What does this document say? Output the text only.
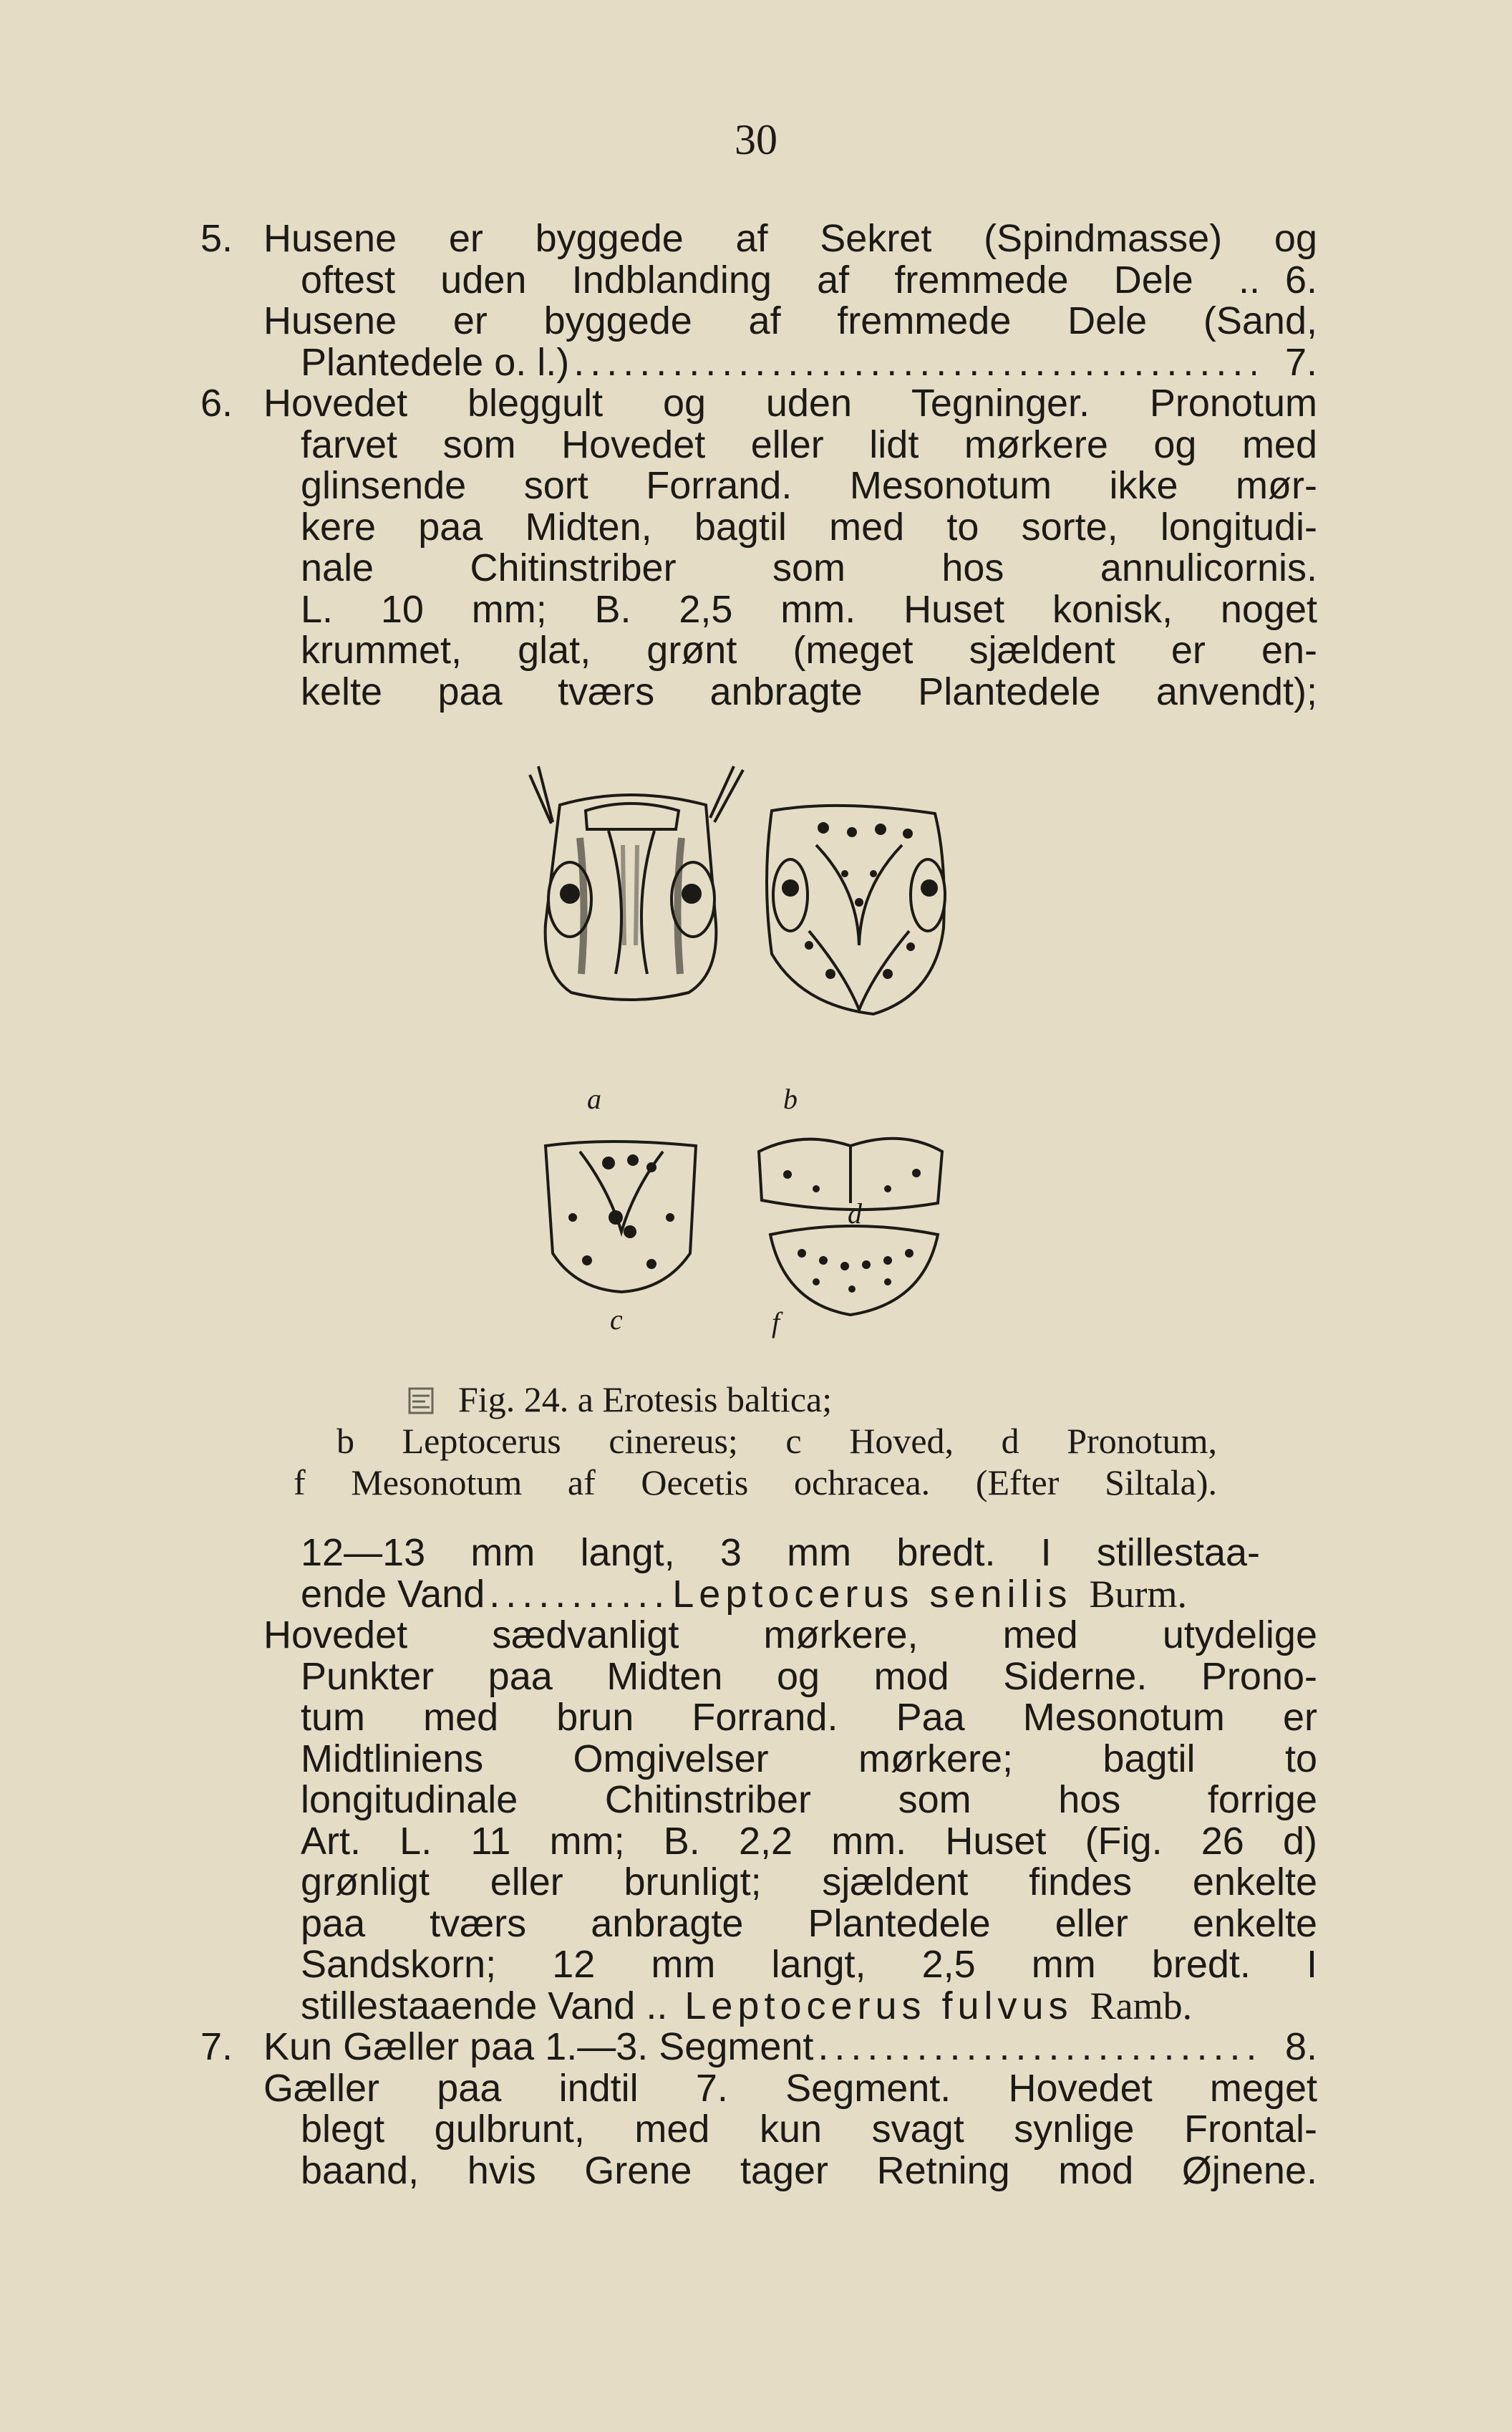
30
5. Husene er byggede af Sekret (Spindmasse) og
oftest uden Indblanding af fremmede Dele .. 6.
Husene er byggede af fremmede Dele (Sand,
Plantedele o. l.) .....	7.
6. Hovedet bleggult og uden Tegninger. Pronotum
farvet som Hovedet eller lidt mørkere og med
glinsende sort Forrand. Mesonotum ikke mør-
kere paa Midten, bagtil med to sorte, longitudi-
nale Chitinstriber som hos annulicornis.
L. 10 mm; B. 2,5 mm. Huset konisk, noget
krummet, glat, grønt (meget sjældent er en-
kelte paa tværs anbragte Plantedele anvendt);
a	b
c
d
f
Fig. 24. a Erotesis baltica;
b Leptocerus cinereus; c Hoved, d Pronotum,
f Mesonotum af Oecetis ochracea. (Efter Siltala).
12—13 mm langt, 3 mm bredt. I stillestaa-
ende Vand .....	Leptocerus senilis Burm.
Hovedet sædvanligt mørkere, med utydelige
Punkter paa Midten og mod Siderne. Prono-
tum med brun Forrand. Paa Mesonotum er
Midtliniens Omgivelser mørkere; bagtil to
longitudinale Chitinstriber som hos forrige
Art. L. 11 mm; B. 2,2 mm. Huset (Fig. 26 d)
grønligt eller brunligt; sjældent findes enkelte
paa tværs anbragte Plantedele eller enkelte
Sandskorn; 12 mm langt, 2,5 mm bredt. I
stillestaaende Vand .. Leptocerus fulvus Ramb.
7. Kun Gæller paa 1.—3. Segment .....	8.
Gæller paa indtil 7. Segment. Hovedet meget
blegt gulbrunt, med kun svagt synlige Frontal-
baand, hvis Grene tager Retning mod Øjnene.
